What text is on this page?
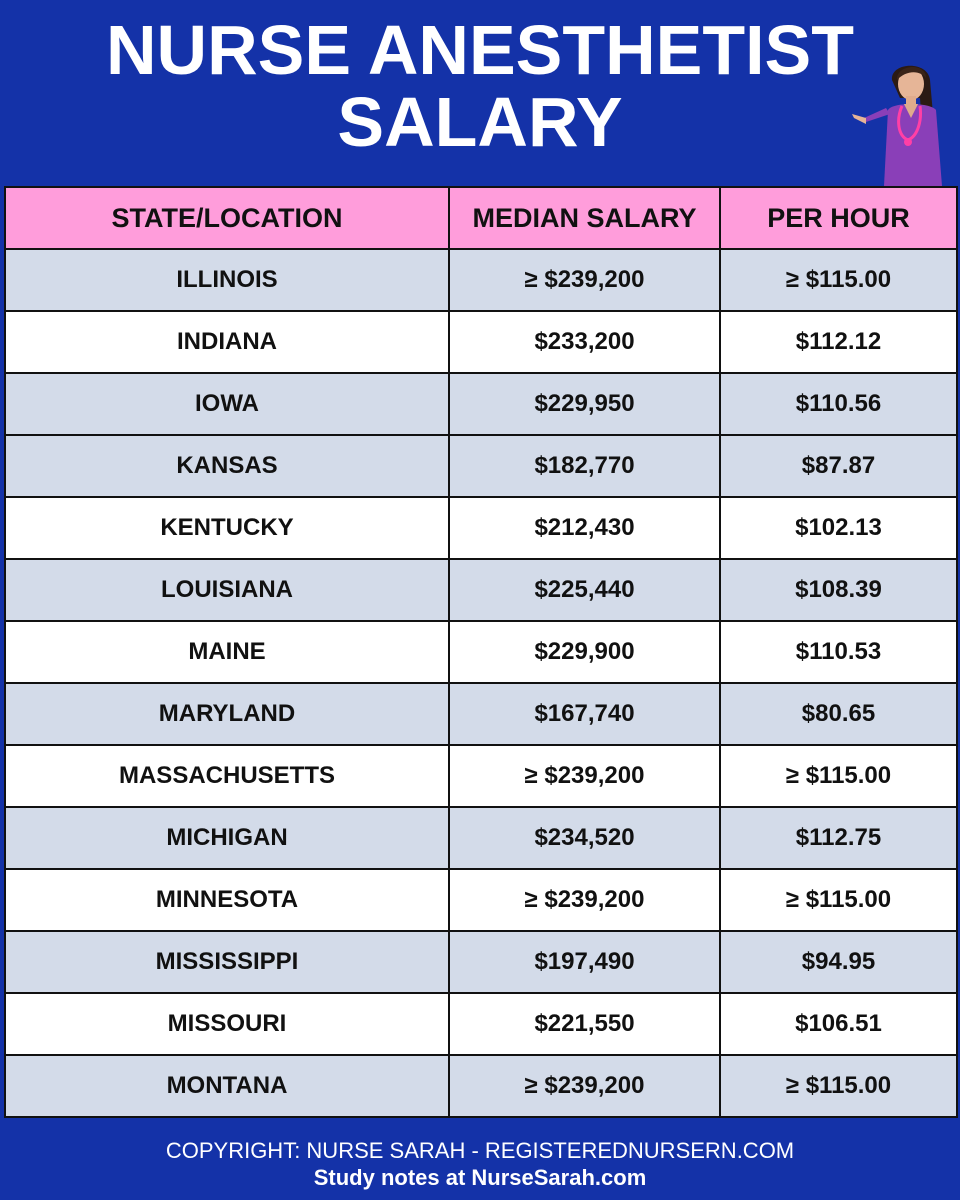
NURSE ANESTHETIST
SALARY
STATE/LOCATION	MEDIAN SALARY	PER HOUR
ILLINOIS	≥ $239,200	≥ $115.00
INDIANA	$233,200	$112.12
IOWA	$229,950	$110.56
KANSAS	$182,770	$87.87
KENTUCKY	$212,430	$102.13
LOUISIANA	$225,440	$108.39
MAINE	$229,900	$110.53
MARYLAND	$167,740	$80.65
MASSACHUSETTS	≥ $239,200	≥ $115.00
MICHIGAN	$234,520	$112.75
MINNESOTA	≥ $239,200	≥ $115.00
MISSISSIPPI	$197,490	$94.95
MISSOURI	$221,550	$106.51
MONTANA	≥ $239,200	≥ $115.00
COPYRIGHT: NURSE SARAH - REGISTEREDNURSERN.COM
Study notes at NurseSarah.com
